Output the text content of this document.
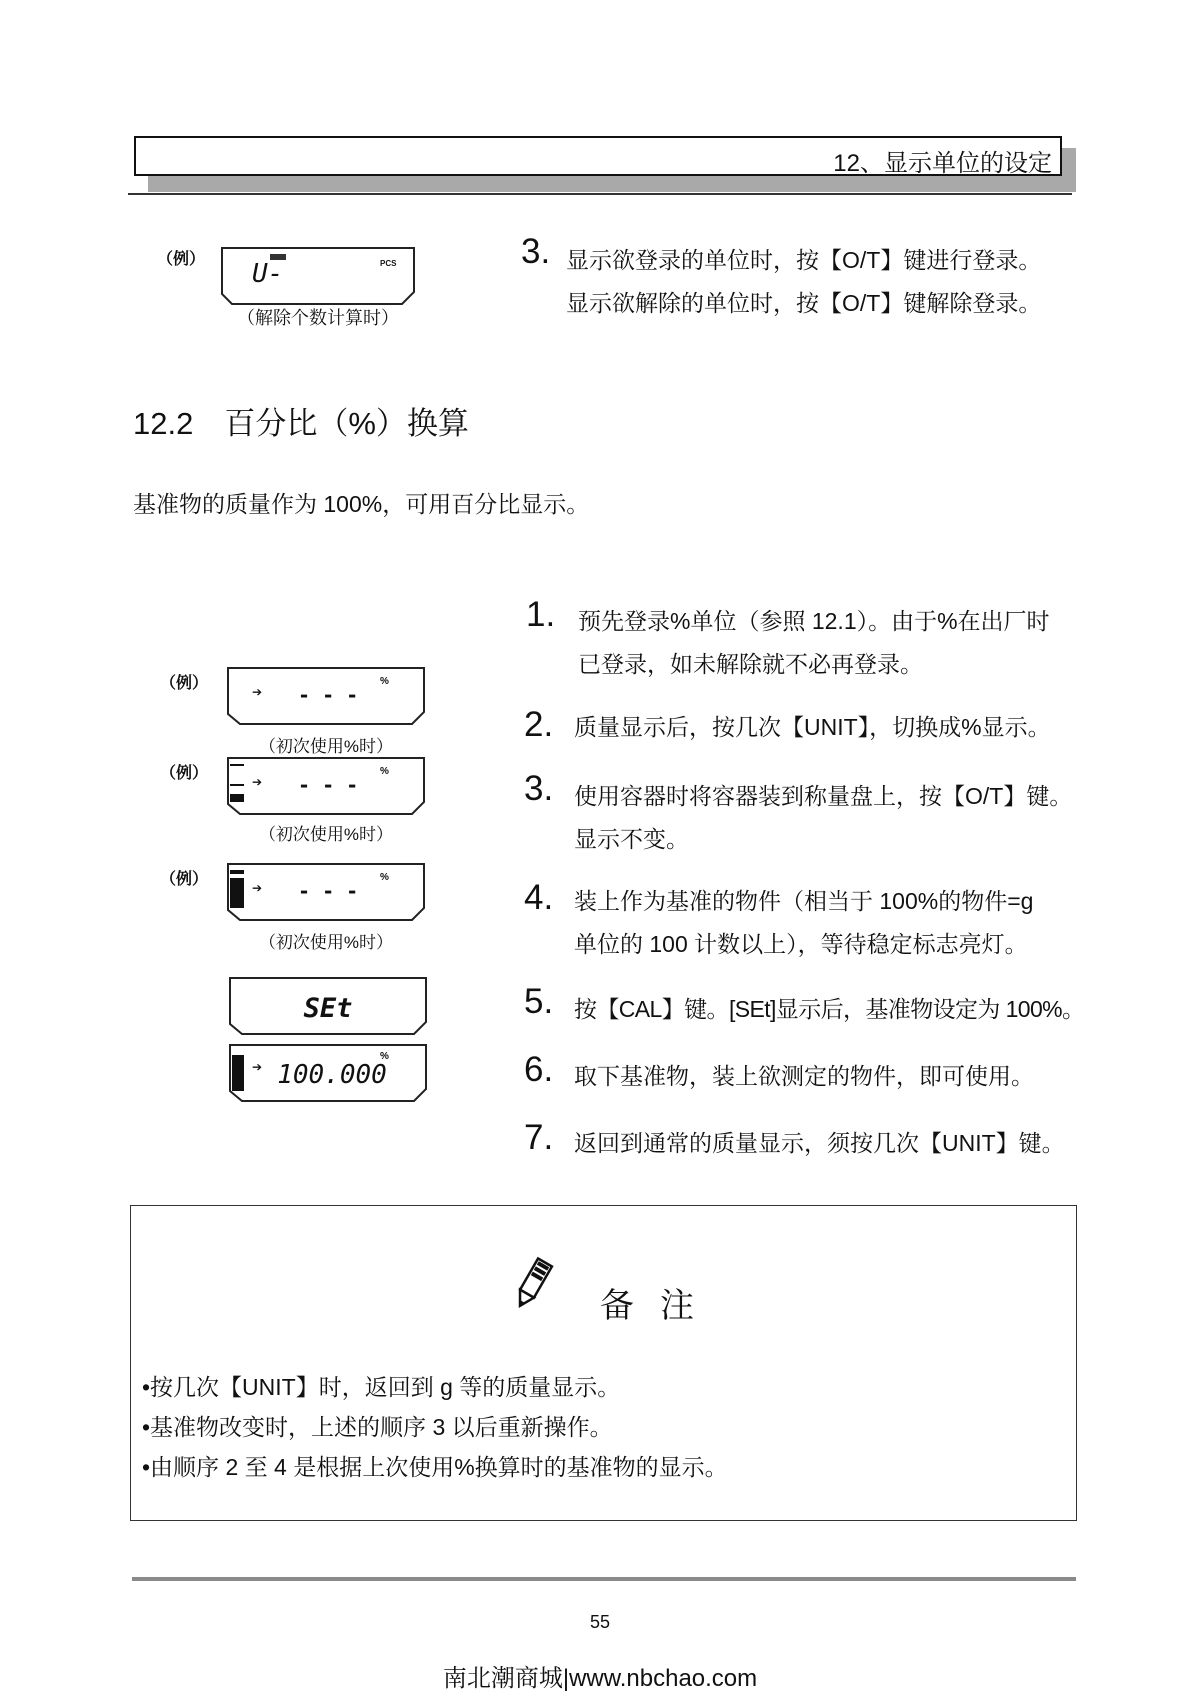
12、显示单位的设定
（例） U-	PCS
（解除个数计算时）
3. 显示欲登录的单位时，按【O/T】键进行登录。
显示欲解除的单位时，按【O/T】键解除登录。
12.2　百分比（%）换算
基准物的质量作为 100%，可用百分比显示。
（例）	➔ - - -
%
（初次使用%时）
（例）	➔ - - -
%
（初次使用%时）
（例）	➔ - - -
%
（初次使用%时）
SEt
➔ 100.000
%
1. 预先登录%单位（参照 12.1）。由于%在出厂时
已登录，如未解除就不必再登录。
2. 质量显示后，按几次【UNIT】，切换成%显示。
3. 使用容器时将容器装到称量盘上，按【O/T】键。
显示不变。
4. 装上作为基准的物件（相当于 100%的物件=g
单位的 100 计数以上），等待稳定标志亮灯。
5. 按【CAL】键。[SEt]显示后，基准物设定为 100%。
6. 取下基准物，装上欲测定的物件，即可使用。
7. 返回到通常的质量显示，须按几次【UNIT】键。
备注
•按几次【UNIT】时，返回到 g 等的质量显示。
•基准物改变时，上述的顺序 3 以后重新操作。
•由顺序 2 至 4 是根据上次使用%换算时的基准物的显示。
55
南北潮商城|www.nbchao.com
